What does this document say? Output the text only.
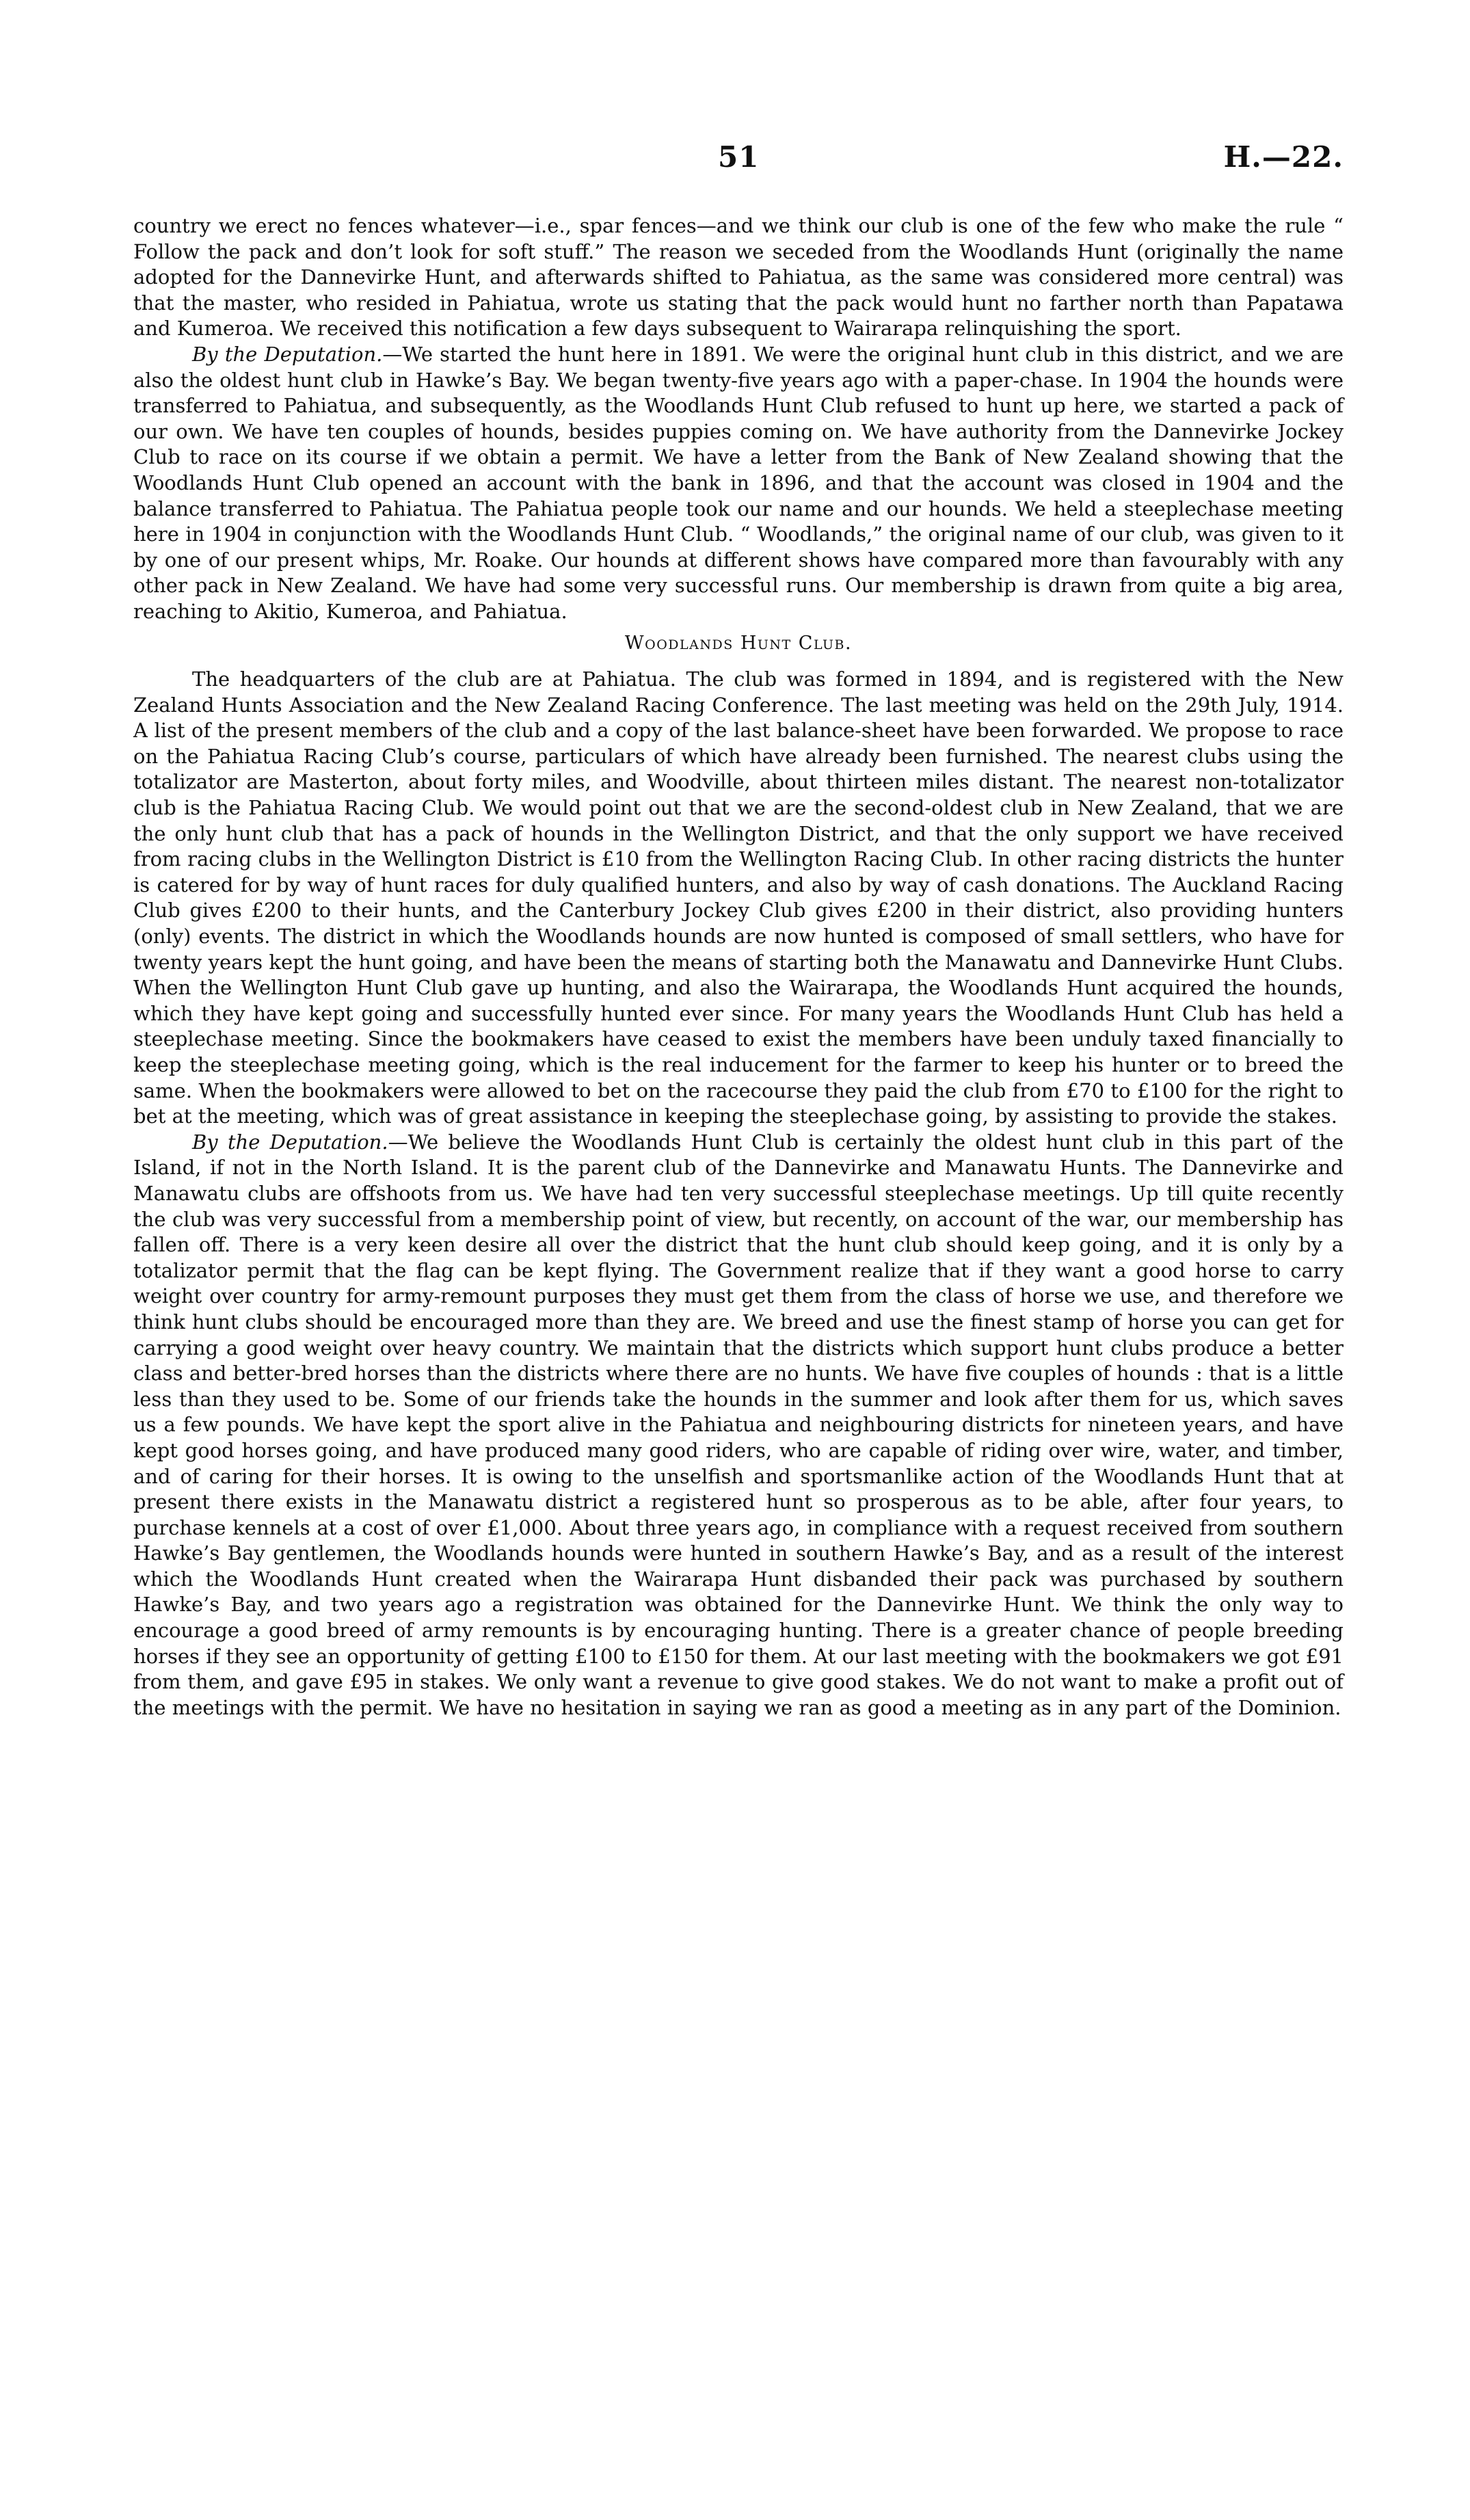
51	H.—22.

country we erect no fences whatever—i.e., spar fences—and we think our club is one of the few who make the rule “ Follow the pack and don’t look for soft stuff.” The reason we seceded from the Woodlands Hunt (originally the name adopted for the Dannevirke Hunt, and afterwards shifted to Pahiatua, as the same was considered more central) was that the master, who resided in Pahiatua, wrote us stating that the pack would hunt no farther north than Papatawa and Kumeroa. We received this notification a few days subsequent to Wairarapa relinquishing the sport.

By the Deputation.—We started the hunt here in 1891. We were the original hunt club in this district, and we are also the oldest hunt club in Hawke’s Bay. We began twenty-five years ago with a paper-chase. In 1904 the hounds were transferred to Pahiatua, and subsequently, as the Woodlands Hunt Club refused to hunt up here, we started a pack of our own. We have ten couples of hounds, besides puppies coming on. We have authority from the Dannevirke Jockey Club to race on its course if we obtain a permit. We have a letter from the Bank of New Zealand showing that the Woodlands Hunt Club opened an account with the bank in 1896, and that the account was closed in 1904 and the balance transferred to Pahiatua. The Pahiatua people took our name and our hounds. We held a steeplechase meeting here in 1904 in conjunction with the Woodlands Hunt Club. “ Woodlands,” the original name of our club, was given to it by one of our present whips, Mr. Roake. Our hounds at different shows have compared more than favourably with any other pack in New Zealand. We have had some very successful runs. Our membership is drawn from quite a big area, reaching to Akitio, Kumeroa, and Pahiatua.

Woodlands Hunt Club.

The headquarters of the club are at Pahiatua. The club was formed in 1894, and is registered with the New Zealand Hunts Association and the New Zealand Racing Conference. The last meeting was held on the 29th July, 1914. A list of the present members of the club and a copy of the last balance-sheet have been forwarded. We propose to race on the Pahiatua Racing Club’s course, particulars of which have already been furnished. The nearest clubs using the totalizator are Masterton, about forty miles, and Woodville, about thirteen miles distant. The nearest non-totalizator club is the Pahiatua Racing Club. We would point out that we are the second-oldest club in New Zealand, that we are the only hunt club that has a pack of hounds in the Wellington District, and that the only support we have received from racing clubs in the Wellington District is £10 from the Wellington Racing Club. In other racing districts the hunter is catered for by way of hunt races for duly qualified hunters, and also by way of cash donations. The Auckland Racing Club gives £200 to their hunts, and the Canterbury Jockey Club gives £200 in their district, also providing hunters (only) events. The district in which the Woodlands hounds are now hunted is composed of small settlers, who have for twenty years kept the hunt going, and have been the means of starting both the Manawatu and Dannevirke Hunt Clubs. When the Wellington Hunt Club gave up hunting, and also the Wairarapa, the Woodlands Hunt acquired the hounds, which they have kept going and successfully hunted ever since. For many years the Woodlands Hunt Club has held a steeplechase meeting. Since the bookmakers have ceased to exist the members have been unduly taxed financially to keep the steeplechase meeting going, which is the real inducement for the farmer to keep his hunter or to breed the same. When the bookmakers were allowed to bet on the racecourse they paid the club from £70 to £100 for the right to bet at the meeting, which was of great assistance in keeping the steeplechase going, by assisting to provide the stakes.

By the Deputation.—We believe the Woodlands Hunt Club is certainly the oldest hunt club in this part of the Island, if not in the North Island. It is the parent club of the Dannevirke and Manawatu Hunts. The Dannevirke and Manawatu clubs are offshoots from us. We have had ten very successful steeplechase meetings. Up till quite recently the club was very successful from a membership point of view, but recently, on account of the war, our membership has fallen off. There is a very keen desire all over the district that the hunt club should keep going, and it is only by a totalizator permit that the flag can be kept flying. The Government realize that if they want a good horse to carry weight over country for army-remount purposes they must get them from the class of horse we use, and therefore we think hunt clubs should be encouraged more than they are. We breed and use the finest stamp of horse you can get for carrying a good weight over heavy country. We maintain that the districts which support hunt clubs produce a better class and better-bred horses than the districts where there are no hunts. We have five couples of hounds : that is a little less than they used to be. Some of our friends take the hounds in the summer and look after them for us, which saves us a few pounds. We have kept the sport alive in the Pahiatua and neighbouring districts for nineteen years, and have kept good horses going, and have produced many good riders, who are capable of riding over wire, water, and timber, and of caring for their horses. It is owing to the unselfish and sportsmanlike action of the Woodlands Hunt that at present there exists in the Manawatu district a registered hunt so prosperous as to be able, after four years, to purchase kennels at a cost of over £1,000. About three years ago, in compliance with a request received from southern Hawke’s Bay gentlemen, the Woodlands hounds were hunted in southern Hawke’s Bay, and as a result of the interest which the Woodlands Hunt created when the Wairarapa Hunt disbanded their pack was purchased by southern Hawke’s Bay, and two years ago a registration was obtained for the Dannevirke Hunt. We think the only way to encourage a good breed of army remounts is by encouraging hunting. There is a greater chance of people breeding horses if they see an opportunity of getting £100 to £150 for them. At our last meeting with the bookmakers we got £91 from them, and gave £95 in stakes. We only want a revenue to give good stakes. We do not want to make a profit out of the meetings with the permit. We have no hesitation in saying we ran as good a meeting as in any part of the Dominion.
